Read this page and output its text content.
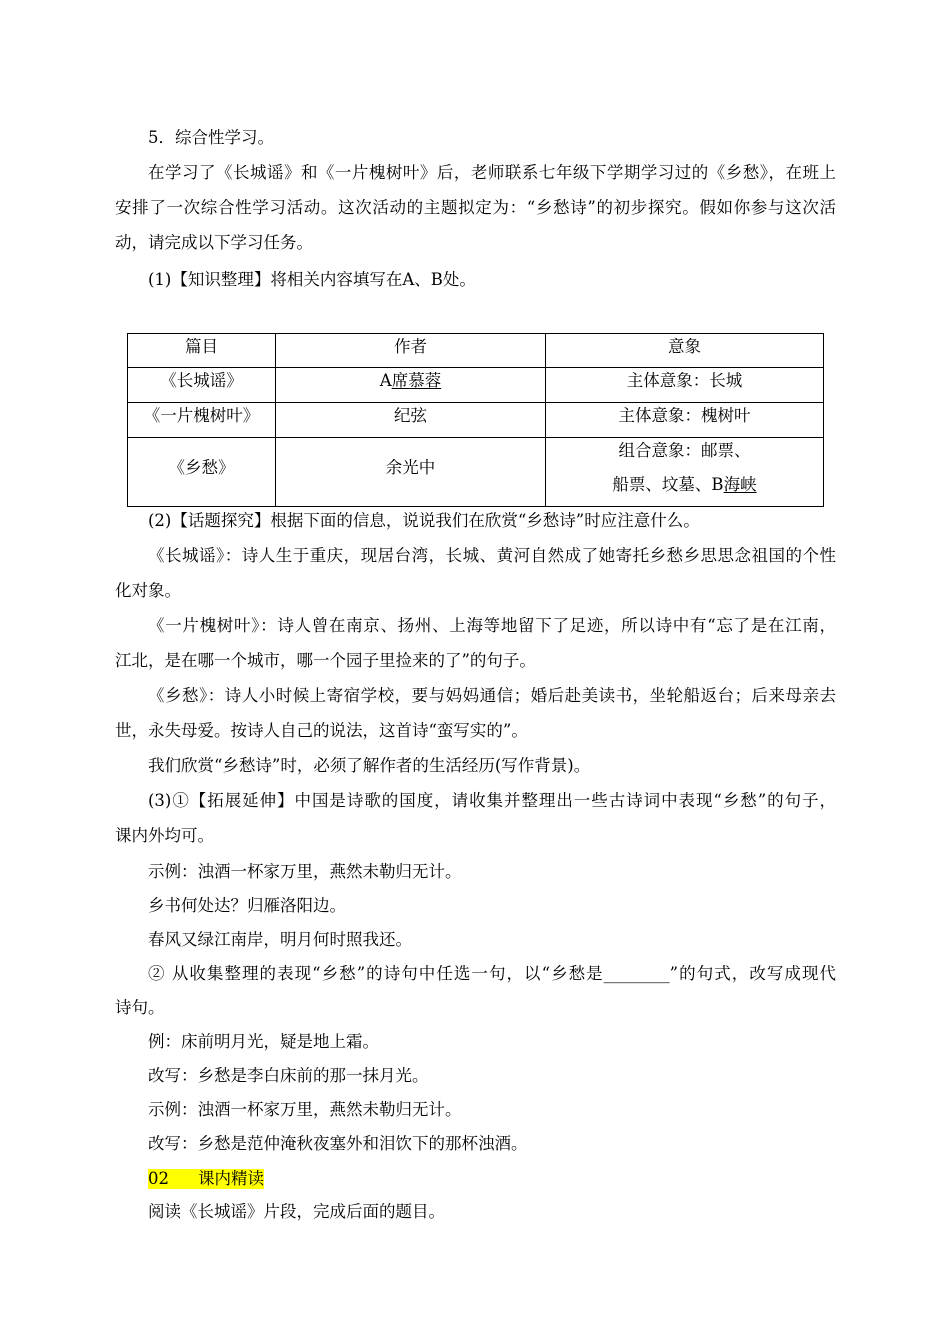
5．综合性学习。
在学习了《长城谣》和《一片槐树叶》后，老师联系七年级下学期学习过的《乡愁》，在班上
安排了一次综合性学习活动。这次活动的主题拟定为：“乡愁诗”的初步探究。假如你参与这次活
动，请完成以下学习任务。
(1)【知识整理】将相关内容填写在A、B处。
篇目	作者	意象

《长城谣》	A席慕蓉	主体意象：长城

《一片槐树叶》	纪弦	主体意象：槐树叶

《乡愁》	余光中	组合意象：邮票、
船票、坟墓、B海峡
(2)【话题探究】根据下面的信息，说说我们在欣赏“乡愁诗”时应注意什么。
《长城谣》：诗人生于重庆，现居台湾，长城、黄河自然成了她寄托乡愁乡思思念祖国的个性
化对象。
《一片槐树叶》：诗人曾在南京、扬州、上海等地留下了足迹，所以诗中有“忘了是在江南，
江北，是在哪一个城市，哪一个园子里捡来的了”的句子。
《乡愁》：诗人小时候上寄宿学校，要与妈妈通信；婚后赴美读书，坐轮船返台；后来母亲去
世，永失母爱。按诗人自己的说法，这首诗“蛮写实的”。
我们欣赏“乡愁诗”时，必须了解作者的生活经历(写作背景)。
(3)①【拓展延伸】中国是诗歌的国度，请收集并整理出一些古诗词中表现“乡愁”的句子，
课内外均可。
示例：浊酒一杯家万里，燕然未勒归无计。
乡书何处达？归雁洛阳边。
春风又绿江南岸，明月何时照我还。
② 从收集整理的表现“乡愁”的诗句中任选一句，以“乡愁是________”的句式，改写成现代
诗句。
例：床前明月光，疑是地上霜。
改写：乡愁是李白床前的那一抹月光。
示例：浊酒一杯家万里，燕然未勒归无计。
改写：乡愁是范仲淹秋夜塞外和泪饮下的那杯浊酒。
02 课内精读
阅读《长城谣》片段，完成后面的题目。
